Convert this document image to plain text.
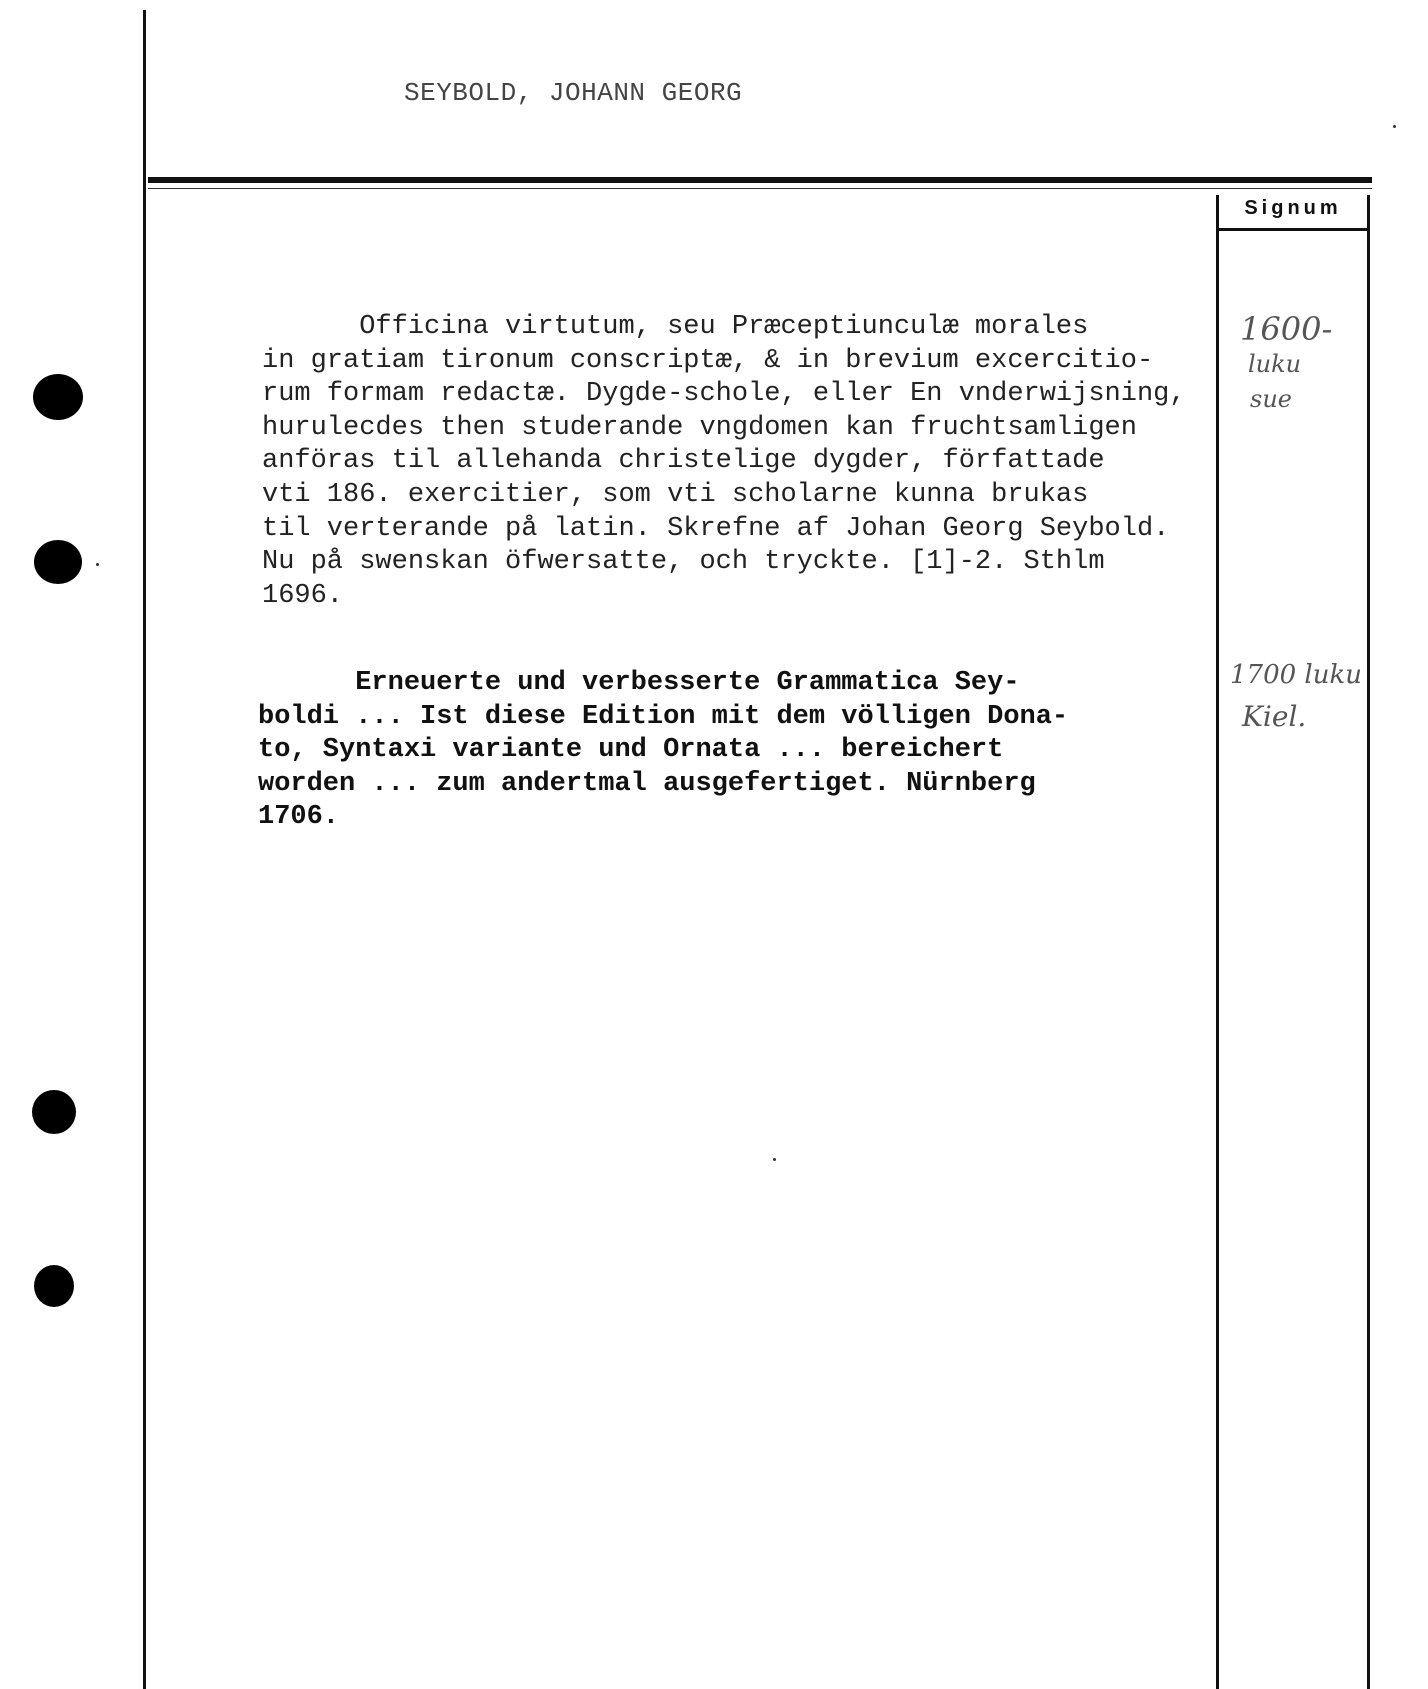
SEYBOLD, JOHANN GEORG
Signum
Officina virtutum, seu Præceptiunculæ morales
in gratiam tironum conscriptæ, & in brevium excercitio-
rum formam redactæ. Dygde-schole, eller En vnderwijsning,
hurulecdes then studerande vngdomen kan fruchtsamligen
anföras til allehanda christelige dygder, författade
vti 186. exercitier, som vti scholarne kunna brukas
til verterande på latin. Skrefne af Johan Georg Seybold.
Nu på swenskan öfwersatte, och tryckte. [1]-2. Sthlm
1696.
1600-
luku
sue
Erneuerte und verbesserte Grammatica Sey-
boldi ... Ist diese Edition mit dem völligen Dona-
to, Syntaxi variante und Ornata ... bereichert
worden ... zum andertmal ausgefertiget. Nürnberg
1706.
1700 luku
Kiel.
